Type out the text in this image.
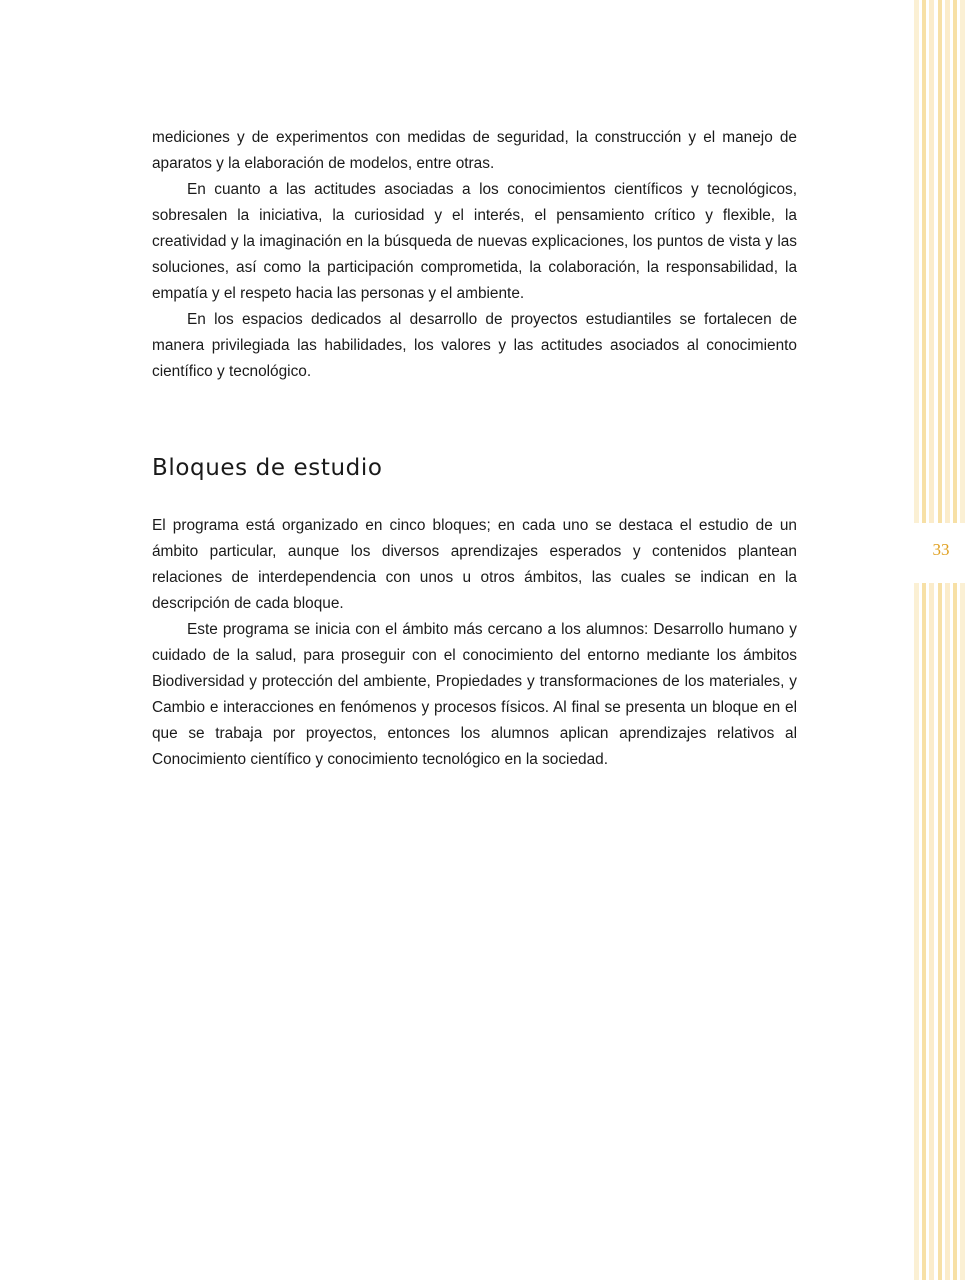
mediciones y de experimentos con medidas de seguridad, la construcción y el manejo de aparatos y la elaboración de modelos, entre otras.

En cuanto a las actitudes asociadas a los conocimientos científicos y tecnológicos, sobresalen la iniciativa, la curiosidad y el interés, el pensamiento crítico y flexible, la creatividad y la imaginación en la búsqueda de nuevas explicaciones, los puntos de vista y las soluciones, así como la participación comprometida, la colaboración, la responsabilidad, la empatía y el respeto hacia las personas y el ambiente.

En los espacios dedicados al desarrollo de proyectos estudiantiles se fortalecen de manera privilegiada las habilidades, los valores y las actitudes asociados al conocimiento científico y tecnológico.

Bloques de estudio

El programa está organizado en cinco bloques; en cada uno se destaca el estudio de un ámbito particular, aunque los diversos aprendizajes esperados y contenidos plantean relaciones de interdependencia con unos u otros ámbitos, las cuales se indican en la descripción de cada bloque.

Este programa se inicia con el ámbito más cercano a los alumnos: Desarrollo humano y cuidado de la salud, para proseguir con el conocimiento del entorno mediante los ámbitos Biodiversidad y protección del ambiente, Propiedades y transformaciones de los materiales, y Cambio e interacciones en fenómenos y procesos físicos. Al final se presenta un bloque en el que se trabaja por proyectos, entonces los alumnos aplican aprendizajes relativos al Conocimiento científico y conocimiento tecnológico en la sociedad.

33
